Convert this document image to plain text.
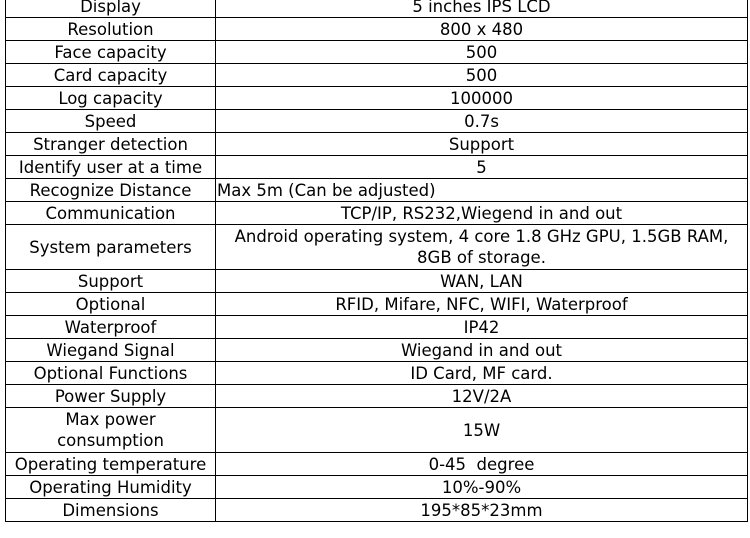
Display	5 inches IPS LCD
Resolution	800 x 480
Face capacity	500
Card capacity	500
Log capacity	100000
Speed	0.7s
Stranger detection	Support
Identify user at a time	5
Recognize Distance	Max 5m (Can be adjusted)
Communication	TCP/IP, RS232,Wiegend in and out
System parameters	Android operating system, 4 core 1.8 GHz GPU, 1.5GB RAM, 8GB of storage.
Support	WAN, LAN
Optional	RFID, Mifare, NFC, WIFI, Waterproof
Waterproof	IP42
Wiegand Signal	Wiegand in and out
Optional Functions	ID Card, MF card.
Power Supply	12V/2A
Max power consumption	15W
Operating temperature	0-45  degree
Operating Humidity	10%-90%
Dimensions	195*85*23mm
